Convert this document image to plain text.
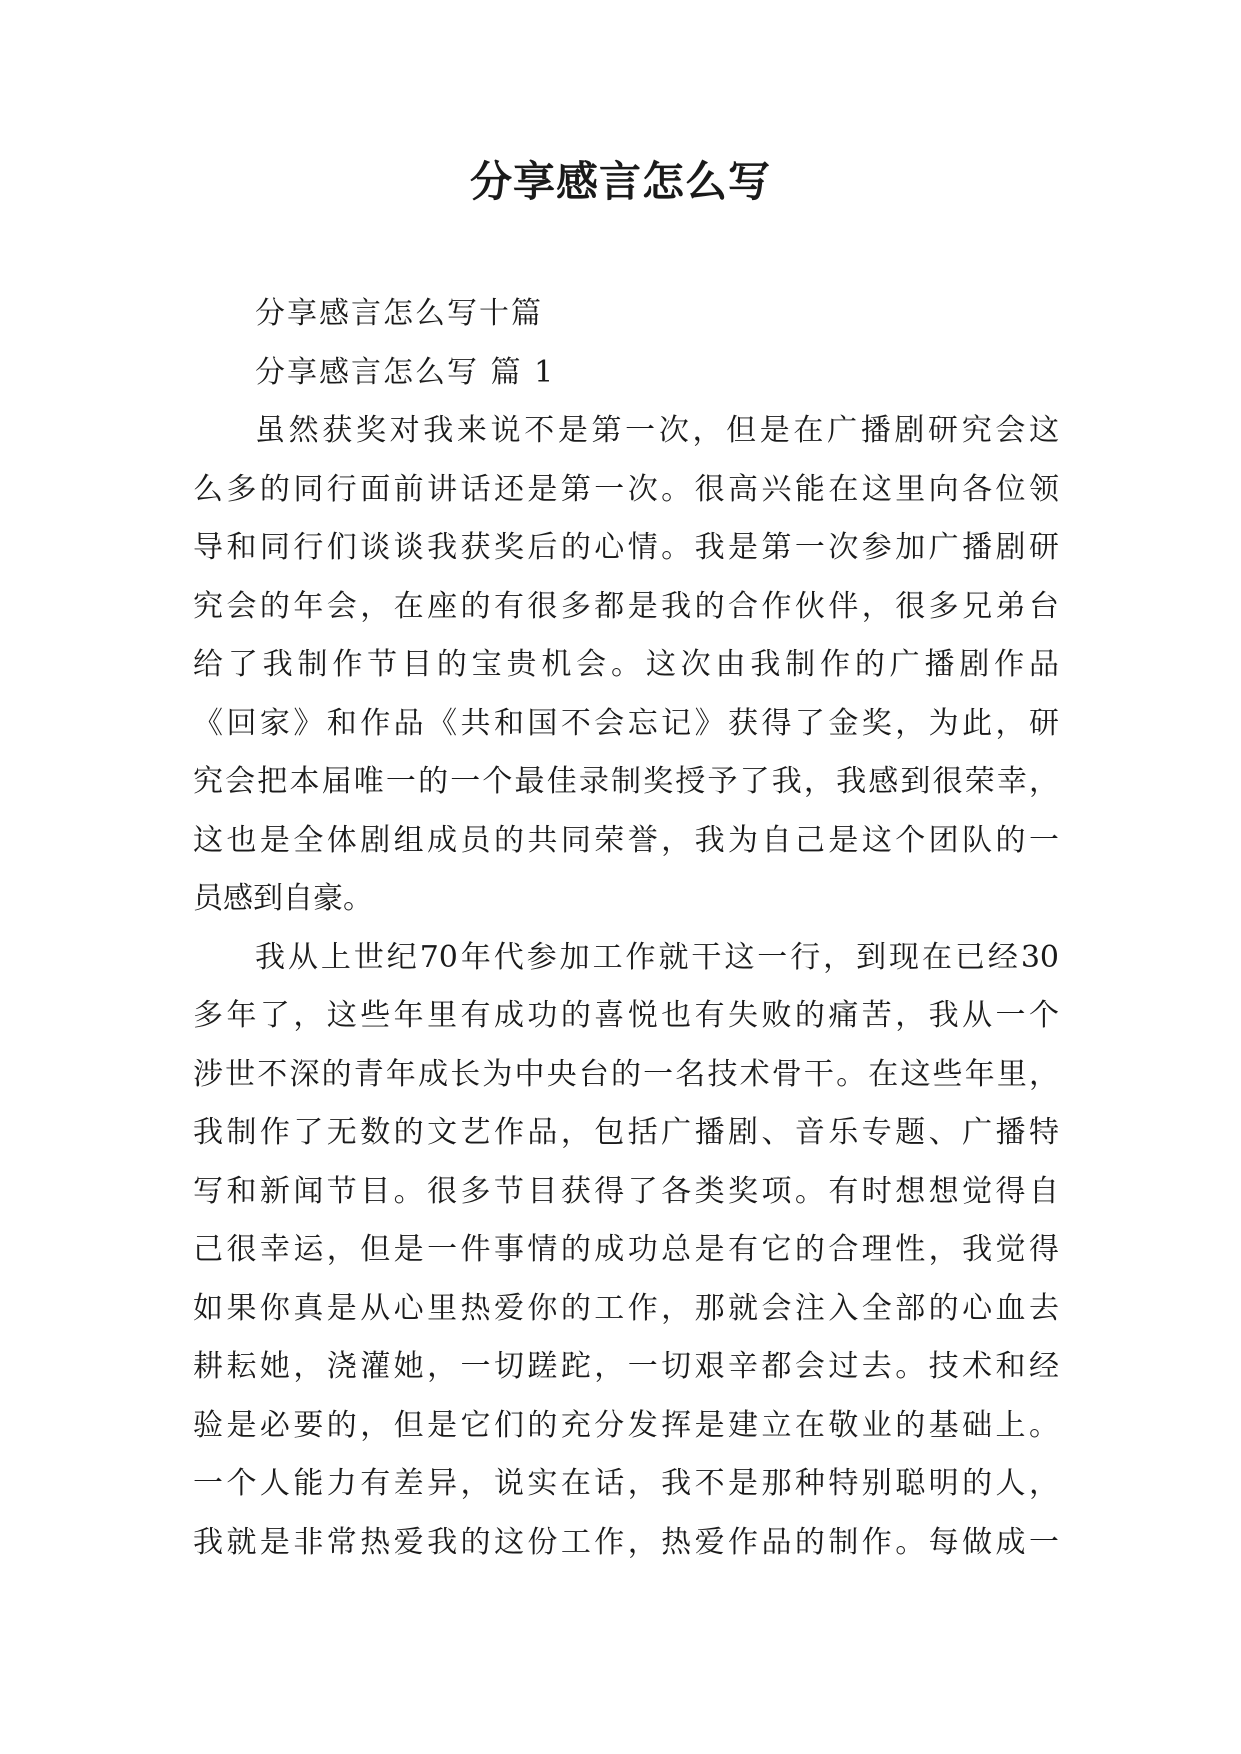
分享感言怎么写
分享感言怎么写十篇
分享感言怎么写 篇 1
虽然获奖对我来说不是第一次，但是在广播剧研究会这
么多的同行面前讲话还是第一次。很高兴能在这里向各位领
导和同行们谈谈我获奖后的心情。我是第一次参加广播剧研
究会的年会，在座的有很多都是我的合作伙伴，很多兄弟台
给了我制作节目的宝贵机会。这次由我制作的广播剧作品
《回家》和作品《共和国不会忘记》获得了金奖，为此，研
究会把本届唯一的一个最佳录制奖授予了我，我感到很荣幸，
这也是全体剧组成员的共同荣誉，我为自己是这个团队的一
员感到自豪。
我从上世纪70年代参加工作就干这一行，到现在已经30
多年了，这些年里有成功的喜悦也有失败的痛苦，我从一个
涉世不深的青年成长为中央台的一名技术骨干。在这些年里，
我制作了无数的文艺作品，包括广播剧、音乐专题、广播特
写和新闻节目。很多节目获得了各类奖项。有时想想觉得自
己很幸运，但是一件事情的成功总是有它的合理性，我觉得
如果你真是从心里热爱你的工作，那就会注入全部的心血去
耕耘她，浇灌她，一切蹉跎，一切艰辛都会过去。技术和经
验是必要的，但是它们的充分发挥是建立在敬业的基础上。
一个人能力有差异，说实在话，我不是那种特别聪明的人，
我就是非常热爱我的这份工作，热爱作品的制作。每做成一
